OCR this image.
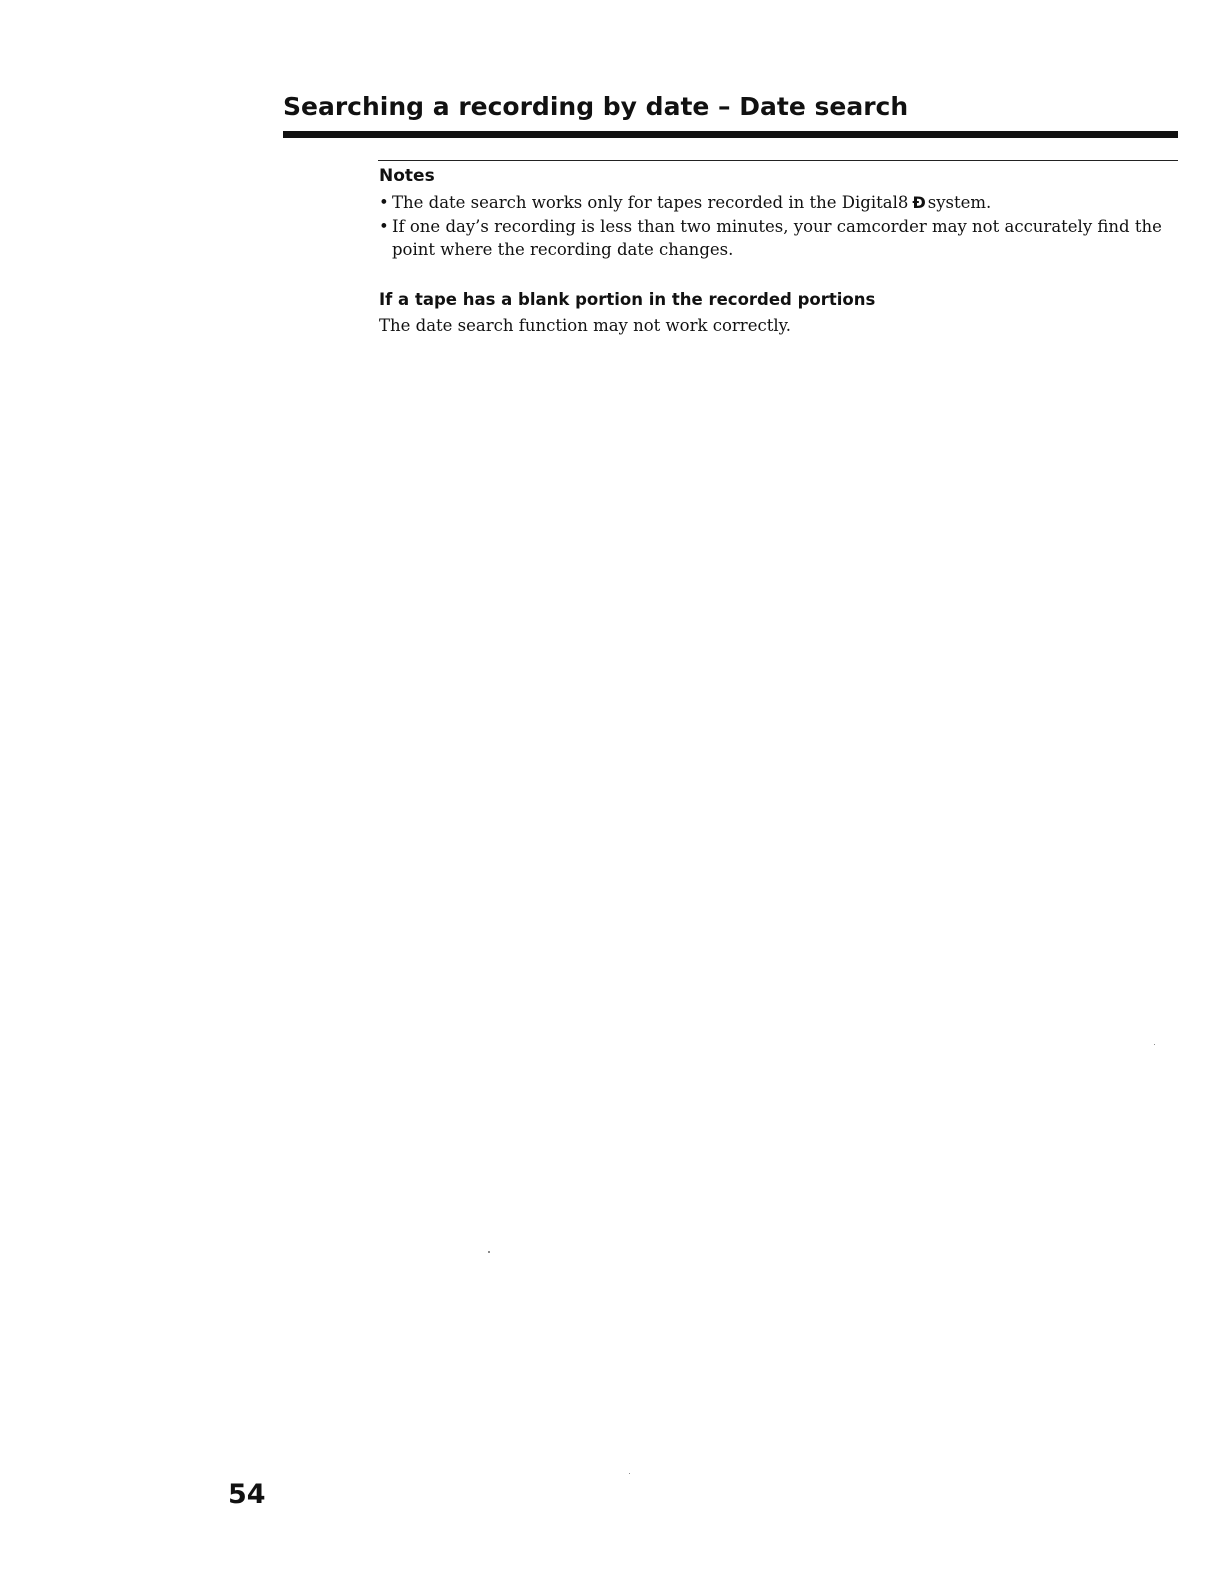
Searching a recording by date – Date search
Notes
• The date search works only for tapes recorded in the Digital8 Ð system.
• If one day’s recording is less than two minutes, your camcorder may not accurately find the point where the recording date changes.
If a tape has a blank portion in the recorded portions

The date search function may not work correctly.

54
